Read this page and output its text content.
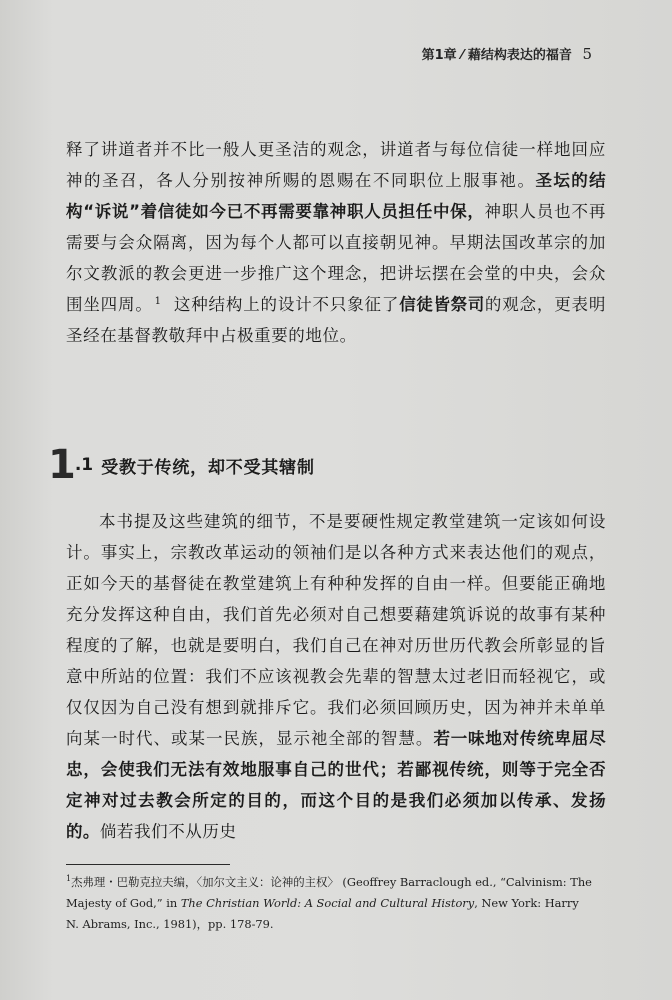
第1章 ⁄ 藉结构表达的福音 5

释了讲道者并不比一般人更圣洁的观念，讲道者与每位信徒一样地回应神的圣召，各人分别按神所赐的恩赐在不同职位上服事祂。圣坛的结构“诉说”着信徒如今已不再需要靠神职人员担任中保，神职人员也不再需要与会众隔离，因为每个人都可以直接朝见神。早期法国改革宗的加尔文教派的教会更进一步推广这个理念，把讲坛摆在会堂的中央，会众围坐四周。 $^1$ 这种结构上的设计不只象征了信徒皆祭司的观念，更表明圣经在基督教敬拜中占极重要的地位。

1.1 受教于传统，却不受其辖制

本书提及这些建筑的细节，不是要硬性规定教堂建筑一定该如何设计。事实上，宗教改革运动的领袖们是以各种方式来表达他们的观点，正如今天的基督徒在教堂建筑上有种种发挥的自由一样。但要能正确地充分发挥这种自由，我们首先必须对自己想要藉建筑诉说的故事有某种程度的了解，也就是要明白，我们自己在神对历世历代教会所彰显的旨意中所站的位置：我们不应该视教会先辈的智慧太过老旧而轻视它，或仅仅因为自己没有想到就排斥它。我们必须回顾历史，因为神并未单单向某一时代、或某一民族，显示祂全部的智慧。若一味地对传统卑屈尽忠，会使我们无法有效地服事自己的世代；若鄙视传统，则等于完全否定神对过去教会所定的目的，而这个目的是我们必须加以传承、发扬的。倘若我们不从历史

$^1$杰弗理・巴勒克拉夫编，〈加尔文主义：论神的主权〉 (Geoffrey Barraclough ed., “Calvinism: The Majesty of God,” in The Christian World: A Social and Cultural History, New York: Harry N. Abrams, Inc., 1981)，pp. 178-79.
